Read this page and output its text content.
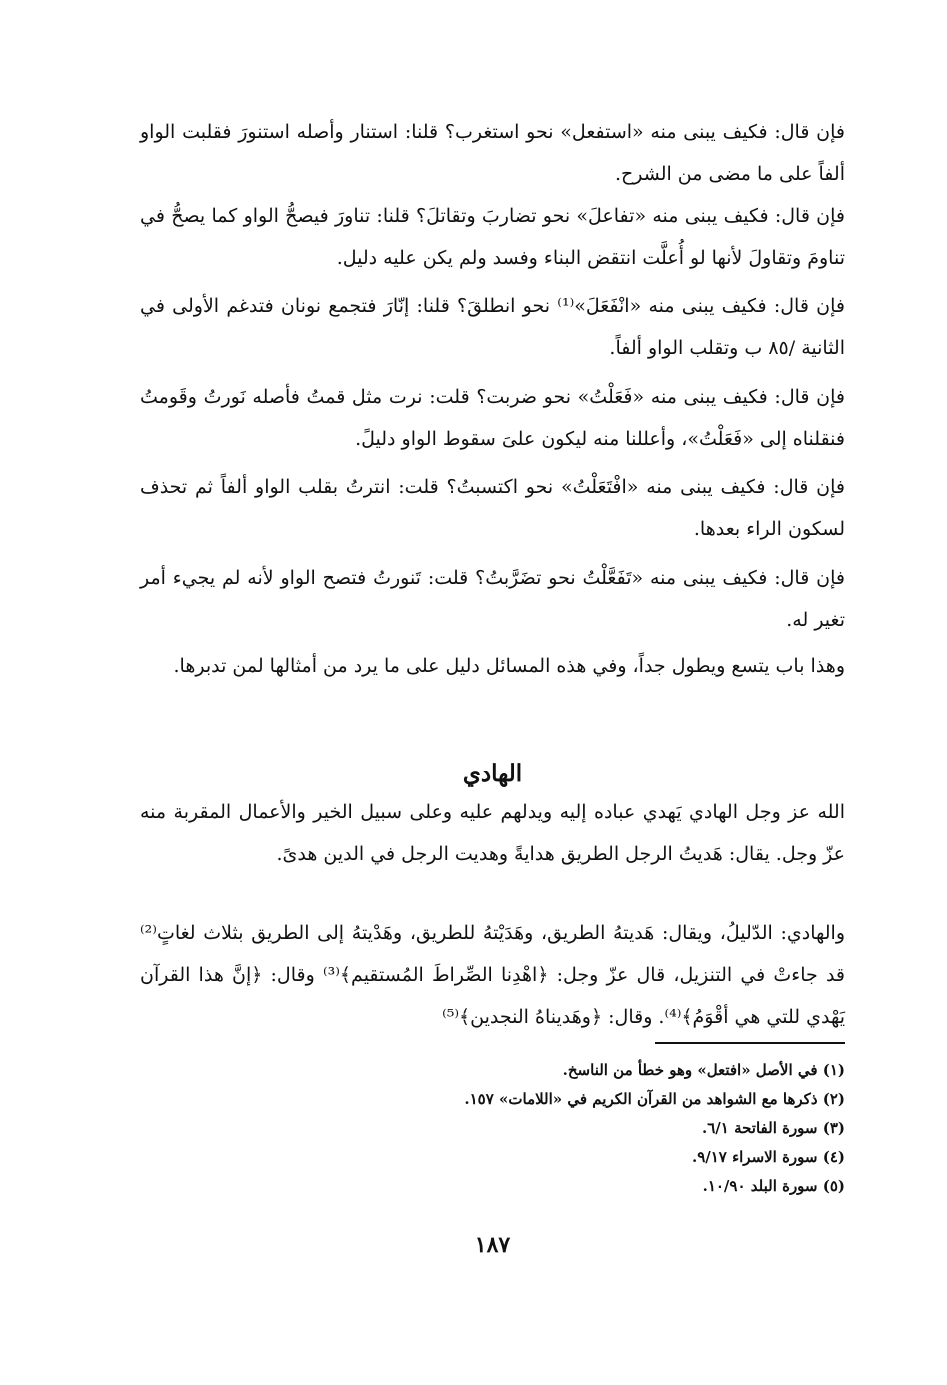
فإن قال: فكيف يبنى منه «استفعل» نحو استغرب؟ قلنا: استنار وأصله استنورَ فقلبت الواو ألفاً على ما مضى من الشرح.

فإن قال: فكيف يبنى منه «تفاعلَ» نحو تضاربَ وتقاتلَ؟ قلنا: تناورَ فيصحُّ الواو كما يصحُّ في تناومَ وتقاولَ لأنها لو أُعلَّت انتقض البناء وفسد ولم يكن عليه دليل.

فإن قال: فكيف يبنى منه «انْفَعَلَ»⁽¹⁾ نحو انطلقَ؟ قلنا: إنّارَ فتجمع نونان فتدغم الأولى في الثانية /٨٥ ب وتقلب الواو ألفاً.

فإن قال: فكيف يبنى منه «فَعَلْتُ» نحو ضربت؟ قلت: نرت مثل قمتُ فأصله نَورتُ وقَومتُ فنقلناه إلى «فَعَلْتُ»، وأعللنا منه ليكون علىَ سقوط الواو دليلً.

فإن قال: فكيف يبنى منه «افْتَعَلْتُ» نحو اكتسبتُ؟ قلت: انترتُ بقلب الواو ألفاً ثم تحذف لسكون الراء بعدها.

فإن قال: فكيف يبنى منه «تَفَعَّلْتُ نحو تضَرَّبتُ؟ قلت: تَنورتُ فتصح الواو لأنه لم يجيء أمر تغير له.

وهذا باب يتسع ويطول جداً، وفي هذه المسائل دليل على ما يرد من أمثالها لمن تدبرها.

الهادي

الله عز وجل الهادي يَهدي عباده إليه ويدلهم عليه وعلى سبيل الخير والأعمال المقربة منه عزّ وجل. يقال: هَديتُ الرجل الطريق هدايةً وهديت الرجل في الدين هدىً.

والهادي: الدّليلُ، ويقال: هَديتهُ الطريق، وهَدَيْتهُ للطريق، وهَدْيتهُ إلى الطريق بثلاث لغاتٍ⁽²⁾ قد جاءتْ في التنزيل، قال عزّ وجل: ﴿اهْدِنا الصِّراطَ المُستقيم﴾⁽³⁾ وقال: ﴿إنَّ هذا القرآن يَهْدي للتي هي أقْوَمُ﴾⁽⁴⁾. وقال: ﴿وهَديناهُ النجدين﴾⁽⁵⁾

(١) في الأصل «افتعل» وهو خطأ من الناسخ.
(٢) ذكرها مع الشواهد من القرآن الكريم في «اللامات» ١٥٧.
(٣) سورة الفاتحة ٦/١.
(٤) سورة الاسراء ٩/١٧.
(٥) سورة البلد ١٠/٩٠.
١٨٧
